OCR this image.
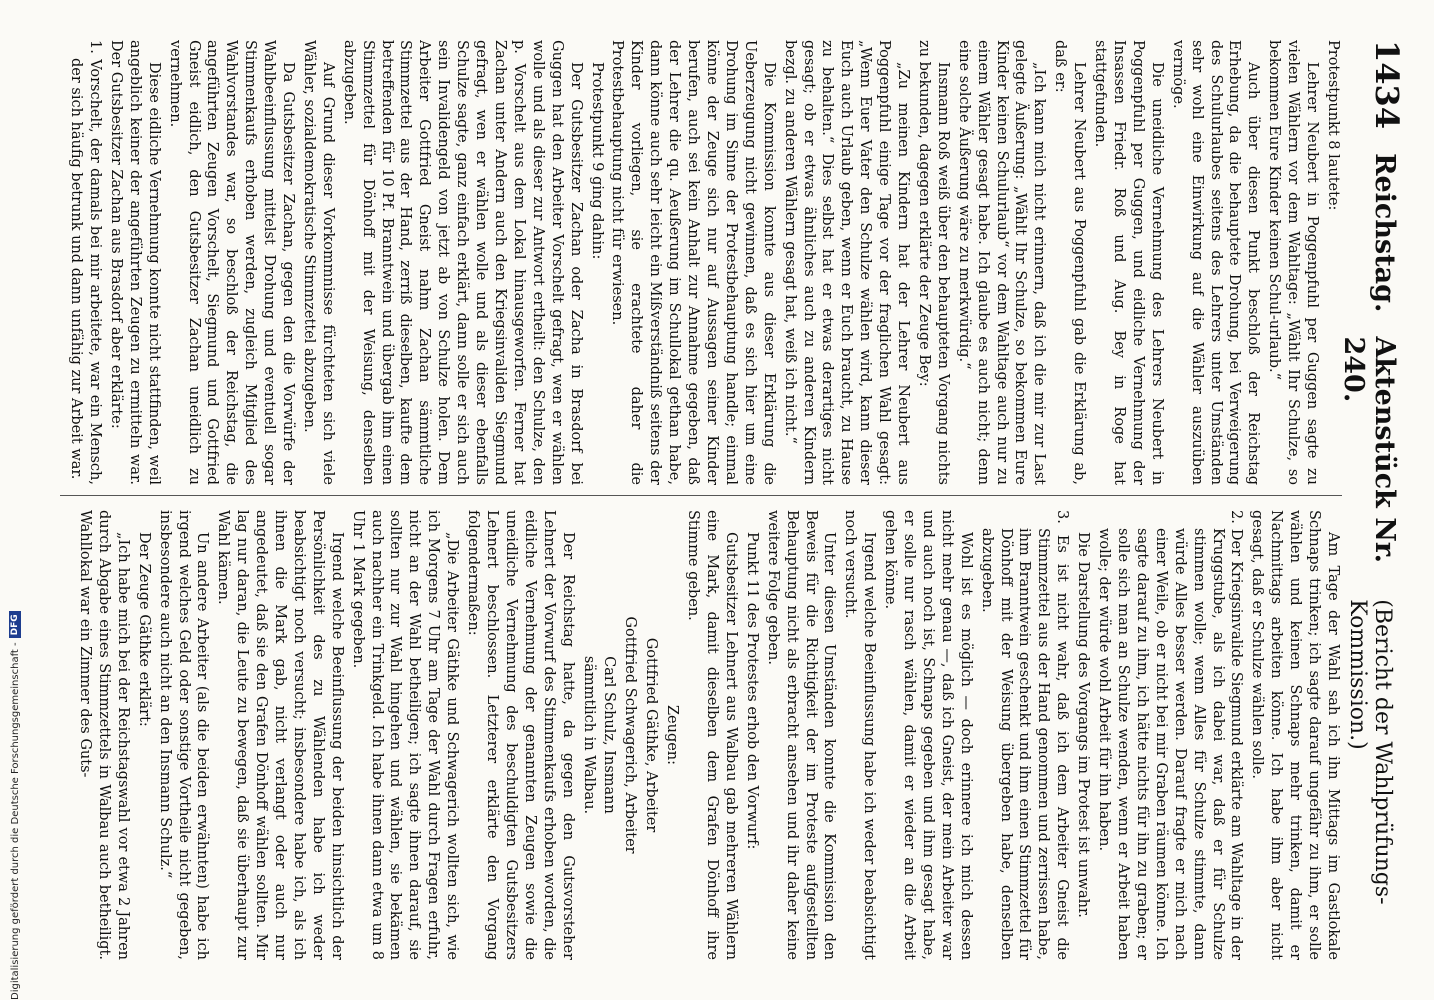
1434
Reichstag.
Aktenstück Nr. 240.
(Bericht der Wahlprüfungs-Kommission.)

Protestpunkt 8 lautete:

Lehrer Neubert in Poggenpfuhl per Guggen sagte zu vielen Wählern vor dem Wahltage: „Wählt Ihr Schulze, so bekommen Eure Kinder keinen Schul-urlaub.“

Auch über diesen Punkt beschloß der Reichstag Erhebung, da die behauptete Drohung, bei Verweigerung des Schulurlaubes seitens des Lehrers unter Umständen sehr wohl eine Einwirkung auf die Wähler auszuüben vermöge.

Die uneidliche Vernehmung des Lehrers Neubert in Poggenpfuhl per Guggen, und eidliche Vernehmung der Insassen Friedr. Roß und Aug. Bey in Roge hat stattgefunden.

Lehrer Neubert aus Poggenpfuhl gab die Erklärung ab, daß er:

„Ich kann mich nicht erinnern, daß ich die mir zur Last gelegte Äußerung: „Wählt Ihr Schulze, so bekommen Eure Kinder keinen Schulurlaub“ vor dem Wahltage auch nur zu einem Wähler gesagt habe. Ich glaube es auch nicht; denn eine solche Äußerung wäre zu merkwürdig.“

Insmann Roß weiß über den behaupteten Vorgang nichts zu bekunden, dagegen erklärte der Zeuge Bey:

„Zu meinen Kindern hat der Lehrer Neubert aus Poggenpfuhl einige Tage vor der fraglichen Wahl gesagt: „Wenn Euer Vater den Schulze wählen wird, kann dieser Euch auch Urlaub geben, wenn er Euch braucht, zu Hause zu behalten.“ Dies selbst hat er etwas derartiges nicht gesagt; ob er etwas ähnliches auch zu anderen Kindern bezgl. zu anderen Wählern gesagt hat, weiß ich nicht.“

Die Kommission konnte aus dieser Erklärung die Ueberzeugung nicht gewinnen, daß es sich hier um eine Drohung im Sinne der Protestbehauptung handle; einmal könne der Zeuge sich nur auf Aussagen seiner Kinder berufen, auch sei kein Anhalt zur Annahme gegeben, daß der Lehrer die qu. Aeußerung im Schullokal gethan habe, dann könne auch sehr leicht ein Mißverständniß seitens der Kinder vorliegen, sie erachtete daher die Protestbehauptung nicht für erwiesen.

Protestpunkt 9 ging dahin:

Der Gutsbesitzer Zachan oder Zacha in Brasdorf bei Guggen hat den Arbeiter Vorschelt gefragt, wen er wählen wolle und als dieser zur Antwort ertheilt: den Schulze, den p. Vorschelt aus dem Lokal hinausgeworfen. Ferner hat Zachan unter Andern auch den Kriegsinvaliden Siegmund gefragt, wen er wählen wolle und als dieser ebenfalls Schulze sagte, ganz einfach erklärt, dann solle er sich auch sein Invalidengeld von jetzt ab von Schulze holen. Dem Arbeiter Gottfried Gneist nahm Zachan sämmtliche Stimmzettel aus der Hand, zerriß dieselben, kaufte dem betreffenden für 10 Pf. Branntwein und übergab ihm einen Stimmzettel für Dönhoff mit der Weisung, denselben abzugeben.

Auf Grund dieser Vorkommnisse fürchteten sich viele Wähler, sozialdemokratische Stimmzettel abzugeben.

Da Gutsbesitzer Zachan, gegen den die Vorwürfe der Wahlbeeinflussung mittelst Drohung und eventuell sogar Stimmenkaufs erhoben werden, zugleich Mitglied des Wahlvorstandes war, so beschloß der Reichstag, die angeführten Zeugen Vorschelt, Siegmund und Gottfried Gneist eidlich, den Gutsbesitzer Zachan uneidlich zu vernehmen.

Diese eidliche Vernehmung konnte nicht stattfinden, weil angeblich keiner der angeführten Zeugen zu ermitteln war. Der Gutsbesitzer Zachan aus Brasdorf aber erklärte:

1. Vorschelt, der damals bei mir arbeitete, war ein Mensch, der sich häufig betrunk und dann unfähig zur Arbeit war.

Am Tage der Wahl sah ich ihn Mittags im Gastlokale Schnaps trinken; ich sagte darauf ungefähr zu ihm, er solle wählen und keinen Schnaps mehr trinken, damit er Nachmittags arbeiten könne. Ich habe ihm aber nicht gesagt, daß er Schulze wählen solle.

2. Der Kriegsinvalide Siegmund erklärte am Wahltage in der Kruggstube, als ich dabei war, daß er für Schulze stimmen wolle; wenn Alles für Schulze stimmte, dann würde Alles besser werden. Darauf fragte er mich nach einer Weile, ob er nicht bei mir Graben räumen könne. Ich sagte darauf zu ihm, ich hätte nichts für ihn zu graben; er solle sich man an Schulze wenden, wenn er Arbeit haben wolle; der würde wohl Arbeit für ihn haben.

Die Darstellung des Vorgangs im Protest ist unwahr.

3. Es ist nicht wahr, daß ich dem Arbeiter Gneist die Stimmzettel aus der Hand genommen und zerrissen habe, ihm Branntwein geschenkt und ihm einen Stimmzettel für Dönhoff mit der Weisung übergeben habe, denselben abzugeben.

Wohl ist es möglich — doch erinnere ich mich dessen nicht mehr genau —, daß ich Gneist, der mein Arbeiter war und auch noch ist, Schnaps gegeben und ihm gesagt habe, er solle nur rasch wählen, damit er wieder an die Arbeit gehen könne.

Irgend welche Beeinflussung habe ich weder beabsichtigt noch versucht.

Unter diesen Umständen konnte die Kommission den Beweis für die Richtigkeit der im Proteste aufgestellten Behauptung nicht als erbracht ansehen und ihr daher keine weitere Folge geben.

Punkt 11 des Protestes erhob den Vorwurf:

Gutsbesitzer Lehnert aus Walbau gab mehreren Wählern eine Mark, damit dieselben dem Grafen Dönhoff ihre Stimme geben.

Zeugen:

Gottfried Gäthke, Arbeiter

Gottfried Schwagerich, Arbeiter

Carl Schulz, Insmann

sämmtlich in Walbau.

Der Reichstag hatte, da gegen den Gutsvorsteher Lehnert der Vorwurf des Stimmenkaufs erhoben worden, die eidliche Vernehmung der genannten Zeugen sowie die uneidliche Vernehmung des beschuldigten Gutsbesitzers Lehnert beschlossen. Letzterer erklärte den Vorgang folgendermaßen:

„Die Arbeiter Gäthke und Schwagerich wollten sich, wie ich Morgens 7 Uhr am Tage der Wahl durch Fragen erfuhr, nicht an der Wahl betheiligen; ich sagte ihnen darauf, sie sollten nur zur Wahl hingehen und wählen, sie bekämen auch nachher ein Trinkgeld. Ich habe ihnen dann etwa um 8 Uhr 1 Mark gegeben.

Irgend welche Beeinflussung der beiden hinsichtlich der Persönlichkeit des zu Wählenden habe ich weder beabsichtigt noch versucht; insbesondere habe ich, als ich ihnen die Mark gab, nicht verlangt oder auch nur angedeutet, daß sie den Grafen Dönhoff wählen sollten. Mir lag nur daran, die Leute zu bewegen, daß sie überhaupt zur Wahl kämen.

Un andere Arbeiter (als die beiden erwähnten) habe ich irgend welches Geld oder sonstige Vortheile nicht gegeben, insbesondere auch nicht an den Insmann Schulz.“

Der Zeuge Gäthke erklärt:

„Ich habe mich bei der Reichstagswahl vor etwa 2 Jahren durch Abgabe eines Stimmzettels in Walbau auch betheiligt. Wahllokal war ein Zimmer des Guts-

Digitalisierung gefördert durch die Deutsche Forschungsgemeinschaft -
DFG
